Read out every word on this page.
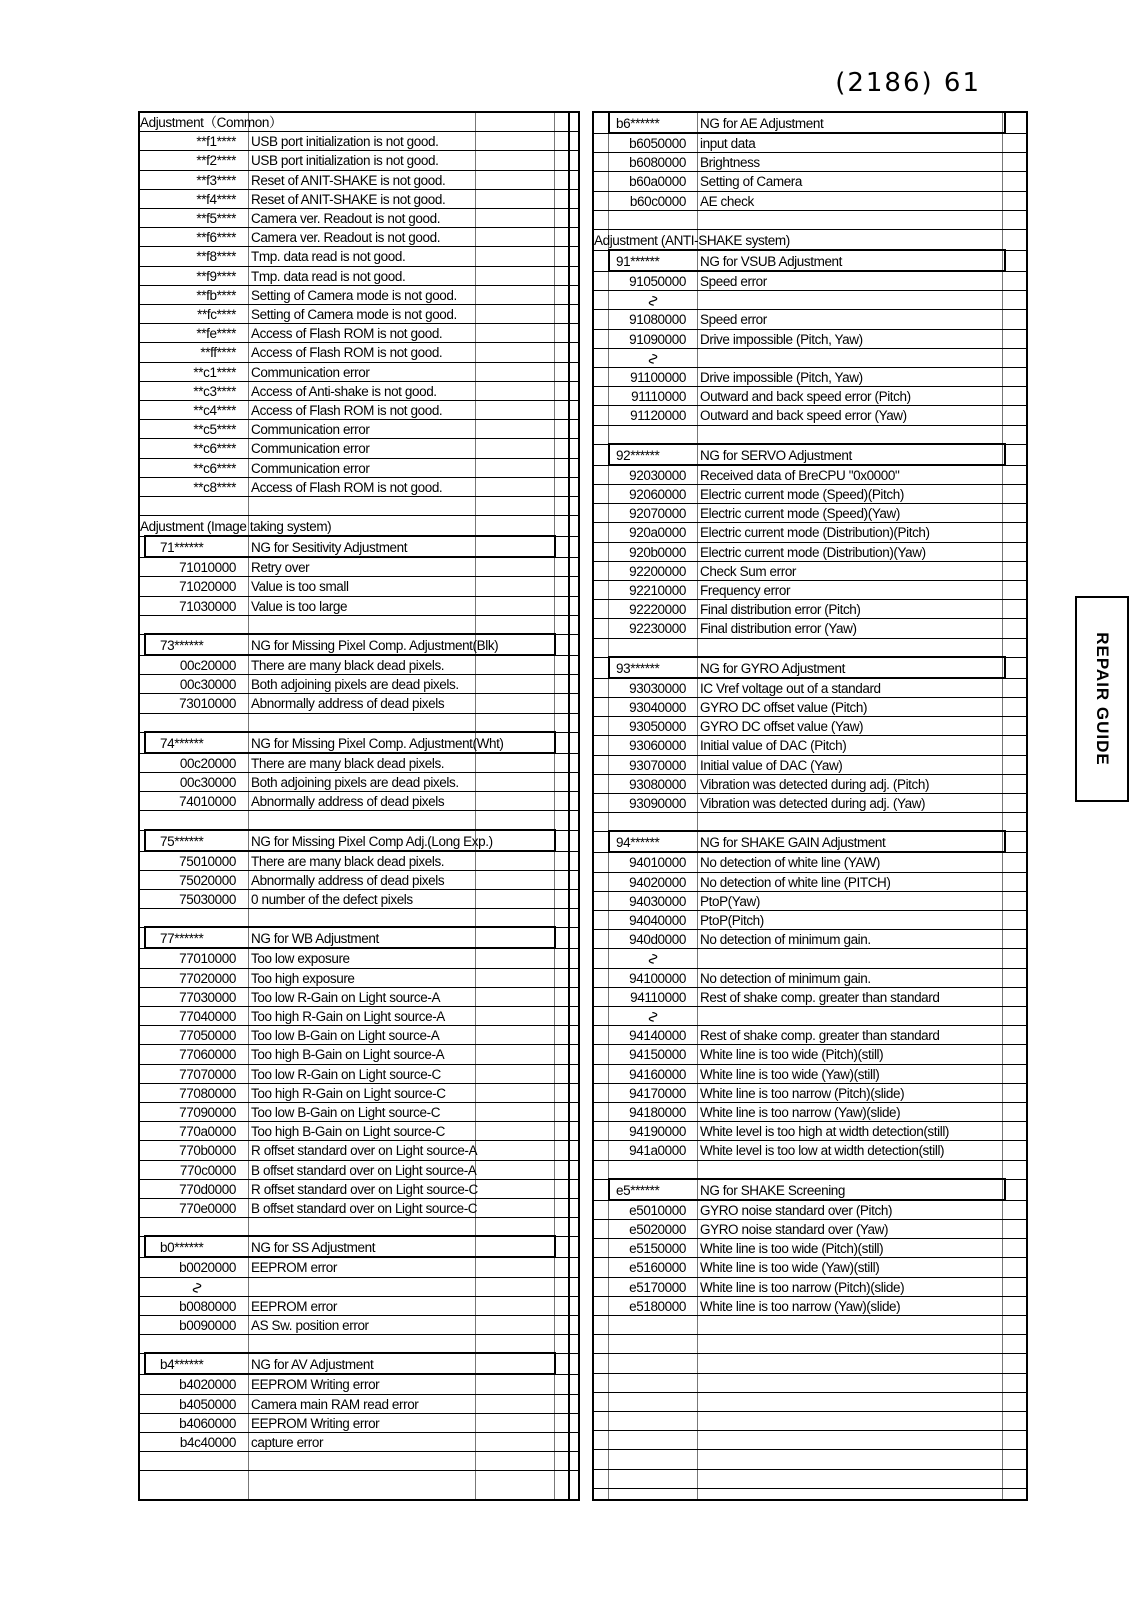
(2186) 61
REPAIR GUIDE
Adjustment（Common）
**f1**** USB port initialization is not good.
**f2**** USB port initialization is not good.
**f3**** Reset of ANIT-SHAKE is not good.
**f4**** Reset of ANIT-SHAKE is not good.
**f5**** Camera ver. Readout is not good.
**f6**** Camera ver. Readout is not good.
**f8**** Tmp. data read is not good.
**f9**** Tmp. data read is not good.
**fb**** Setting of Camera mode is not good.
**fc**** Setting of Camera mode is not good.
**fe**** Access of Flash ROM is not good.
**ff**** Access of Flash ROM is not good.
**c1**** Communication error
**c3**** Access of Anti-shake is not good.
**c4**** Access of Flash ROM is not good.
**c5**** Communication error
**c6**** Communication error
**c6**** Communication error
**c8**** Access of Flash ROM is not good.
Adjustment (Image taking system)
71******	NG for Sesitivity Adjustment
71010000 Retry over
71020000 Value is too small
71030000 Value is too large
73******	NG for Missing Pixel Comp. Adjustment(Blk)
00c20000 There are many black dead pixels.
00c30000 Both adjoining pixels are dead pixels.
73010000 Abnormally address of dead pixels
74******	NG for Missing Pixel Comp. Adjustment(Wht)
00c20000 There are many black dead pixels.
00c30000 Both adjoining pixels are dead pixels.
74010000 Abnormally address of dead pixels
75******	NG for Missing Pixel Comp Adj.(Long Exp.)
75010000 There are many black dead pixels.
75020000 Abnormally address of dead pixels
75030000 0 number of the defect pixels
77******	NG for WB Adjustment
77010000 Too low exposure
77020000 Too high exposure
77030000 Too low R-Gain on Light source-A
77040000 Too high R-Gain on Light source-A
77050000 Too low B-Gain on Light source-A
77060000 Too high B-Gain on Light source-A
77070000 Too low R-Gain on Light source-C
77080000 Too high R-Gain on Light source-C
77090000 Too low B-Gain on Light source-C
770a0000 Too high B-Gain on Light source-C
770b0000 R offset standard over on Light source-A
770c0000 B offset standard over on Light source-A
770d0000 R offset standard over on Light source-C
770e0000 B offset standard over on Light source-C
b0******	NG for SS Adjustment
b0020000 EEPROM error
∿
b0080000 EEPROM error
b0090000 AS Sw. position error
b4******	NG for AV Adjustment
b4020000 EEPROM Writing error
b4050000 Camera main RAM read error
b4060000 EEPROM Writing error
b4c40000 capture error
b6******	NG for AE Adjustment
b6050000 input data
b6080000 Brightness
b60a0000 Setting of Camera
b60c0000 AE check
Adjustment (ANTI-SHAKE system)
91******	NG for VSUB Adjustment
91050000 Speed error
∿
91080000 Speed error
91090000 Drive impossible (Pitch, Yaw)
∿
91100000 Drive impossible (Pitch, Yaw)
91110000 Outward and back speed error (Pitch)
91120000 Outward and back speed error (Yaw)
92******	NG for SERVO Adjustment
92030000 Received data of BreCPU "0x0000"
92060000 Electric current mode (Speed)(Pitch)
92070000 Electric current mode (Speed)(Yaw)
920a0000 Electric current mode (Distribution)(Pitch)
920b0000 Electric current mode (Distribution)(Yaw)
92200000 Check Sum error
92210000 Frequency error
92220000 Final distribution error (Pitch)
92230000 Final distribution error (Yaw)
93******	NG for GYRO Adjustment
93030000 IC Vref voltage out of a standard
93040000 GYRO DC offset value (Pitch)
93050000 GYRO DC offset value (Yaw)
93060000 Initial value of DAC (Pitch)
93070000 Initial value of DAC (Yaw)
93080000 Vibration was detected during adj. (Pitch)
93090000 Vibration was detected during adj. (Yaw)
94******	NG for SHAKE GAIN Adjustment
94010000 No detection of white line (YAW)
94020000 No detection of white line (PITCH)
94030000 PtoP(Yaw)
94040000 PtoP(Pitch)
940d0000 No detection of minimum gain.
∿
94100000 No detection of minimum gain.
94110000 Rest of shake comp. greater than standard
∿
94140000 Rest of shake comp. greater than standard
94150000 White line is too wide (Pitch)(still)
94160000 White line is too wide (Yaw)(still)
94170000 White line is too narrow (Pitch)(slide)
94180000 White line is too narrow (Yaw)(slide)
94190000 White level is too high at width detection(still)
941a0000 White level is too low at width detection(still)
e5******	NG for SHAKE Screening
e5010000 GYRO noise standard over (Pitch)
e5020000 GYRO noise standard over (Yaw)
e5150000 White line is too wide (Pitch)(still)
e5160000 White line is too wide (Yaw)(still)
e5170000 White line is too narrow (Pitch)(slide)
e5180000 White line is too narrow (Yaw)(slide)
